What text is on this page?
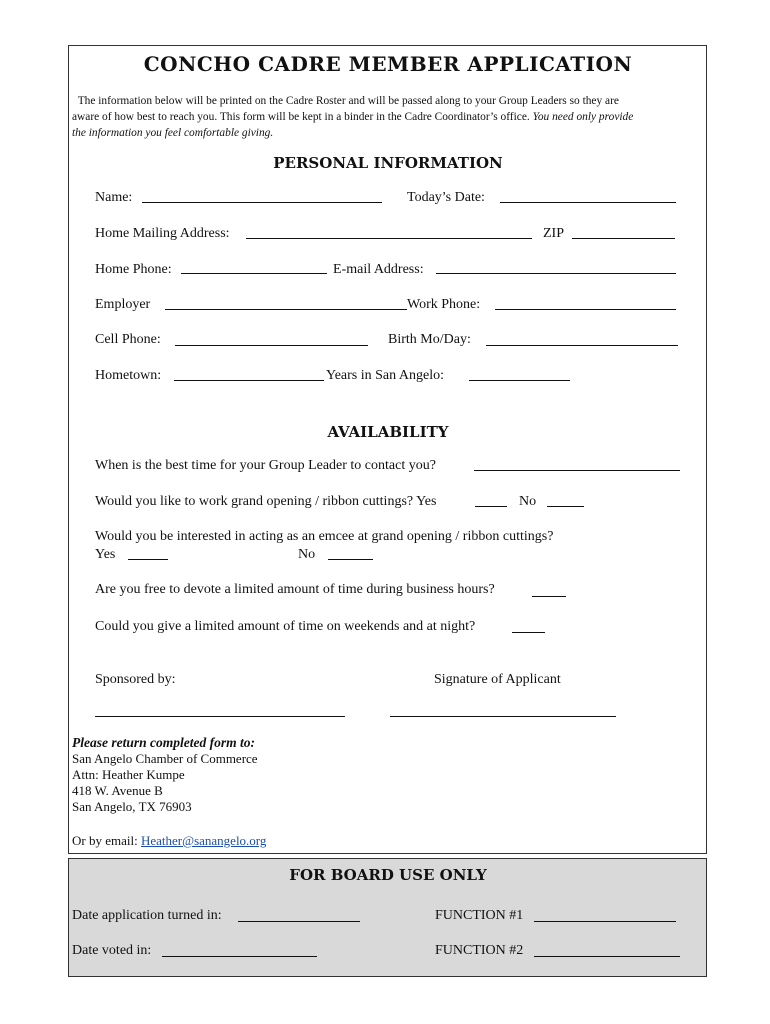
CONCHO CADRE MEMBER APPLICATION
The information below will be printed on the Cadre Roster and will be passed along to your Group Leaders so they are
aware of how best to reach you. This form will be kept in a binder in the Cadre Coordinator’s office. You need only provide
the information you feel comfortable giving.
PERSONAL INFORMATION
Name:	Today’s Date:
Home Mailing Address:	ZIP
Home Phone:	E-mail Address:
Employer	Work Phone:
Cell Phone:	Birth Mo/Day:
Hometown:	Years in San Angelo:
AVAILABILITY
When is the best time for your Group Leader to contact you?
Would you like to work grand opening / ribbon cuttings? Yes	No
Would you be interested in acting as an emcee at grand opening / ribbon cuttings?
Yes	No
Are you free to devote a limited amount of time during business hours?
Could you give a limited amount of time on weekends and at night?
Sponsored by:	Signature of Applicant
Please return completed form to:
San Angelo Chamber of Commerce
Attn: Heather Kumpe
418 W. Avenue B
San Angelo, TX 76903
Or by email: Heather@sanangelo.org
FOR BOARD USE ONLY
Date application turned in:	FUNCTION #1
Date voted in:	FUNCTION #2
